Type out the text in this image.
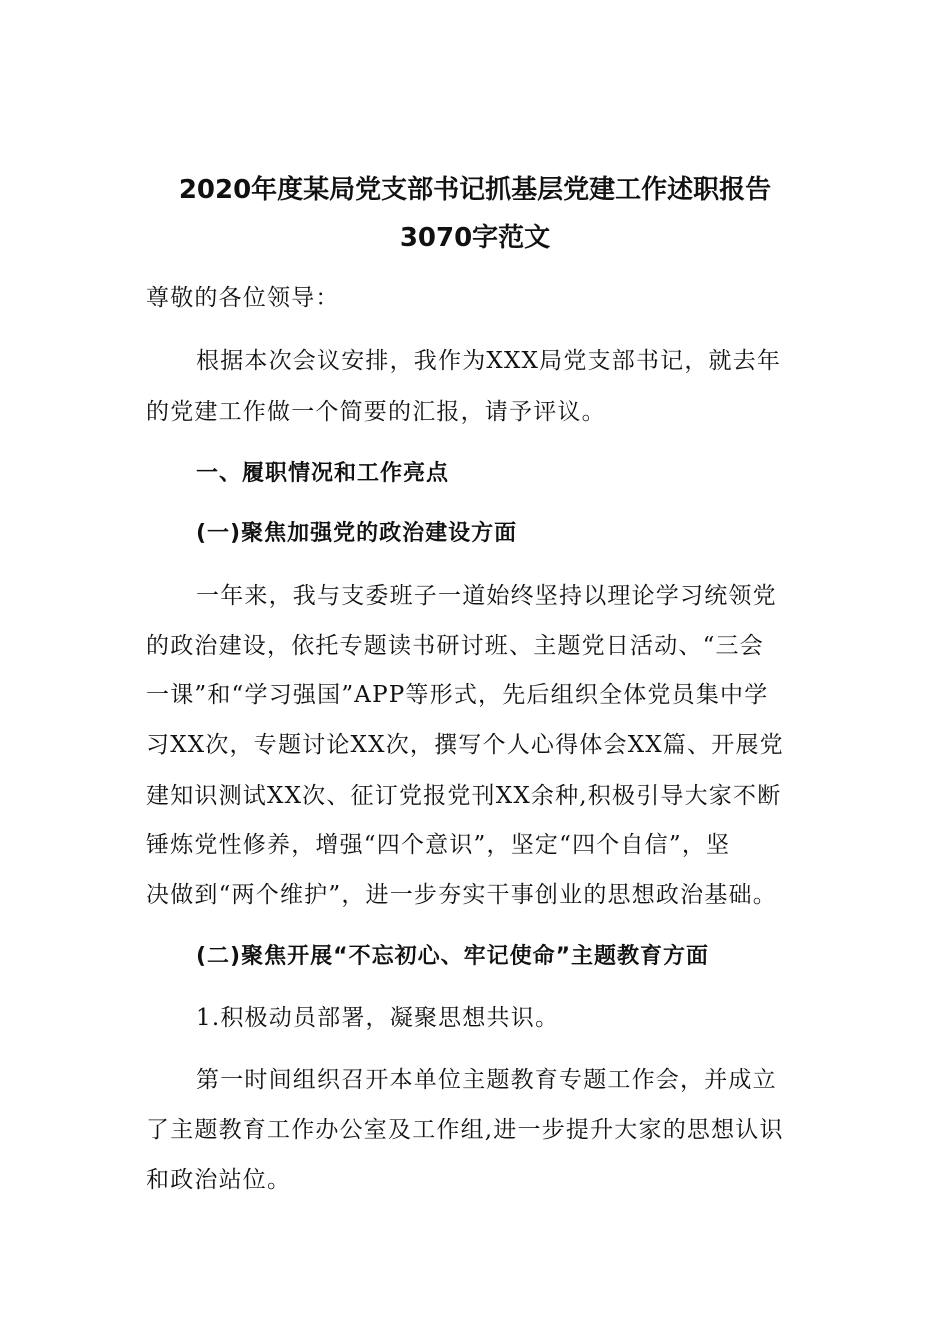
2020年度某局党支部书记抓基层党建工作述职报告
3070字范文

尊敬的各位领导：

根据本次会议安排，我作为XXX局党支部书记，就去年

的党建工作做一个简要的汇报，请予评议。

一、履职情况和工作亮点

(一)聚焦加强党的政治建设方面

一年来，我与支委班子一道始终坚持以理论学习统领党

的政治建设，依托专题读书研讨班、主题党日活动、“三会

一课”和“学习强国”APP等形式，先后组织全体党员集中学

习XX次，专题讨论XX次，撰写个人心得体会XX篇、开展党

建知识测试XX次、征订党报党刊XX余种,积极引导大家不断

锤炼党性修养，增强“四个意识”，坚定“四个自信”，坚

决做到“两个维护”，进一步夯实干事创业的思想政治基础。

(二)聚焦开展“不忘初心、牢记使命”主题教育方面

1.积极动员部署，凝聚思想共识。

第一时间组织召开本单位主题教育专题工作会，并成立

了主题教育工作办公室及工作组,进一步提升大家的思想认识

和政治站位。
